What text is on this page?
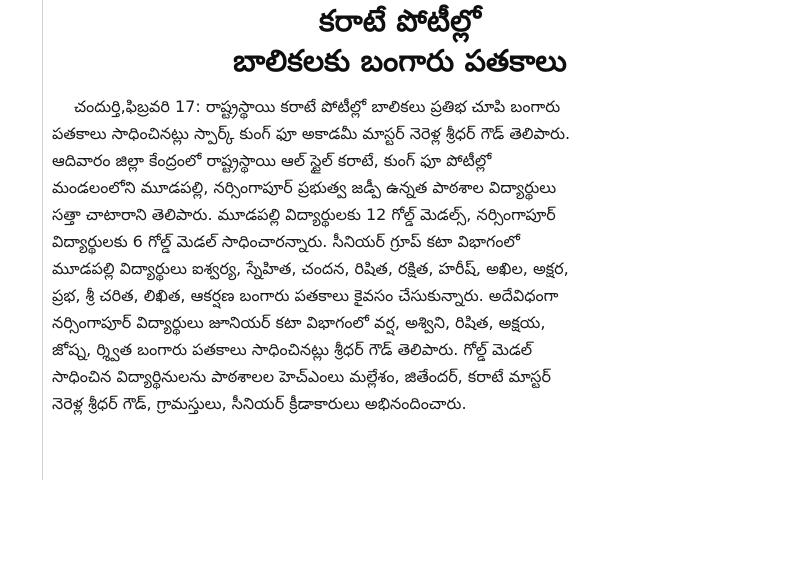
కరాటే పోటీల్లో
బాలికలకు బంగారు పతకాలు
చందుర్తి,ఫిబ్రవరి 17: రాష్ట్రస్థాయి కరాటే పోటీల్లో బాలికలు ప్రతిభ చూపి బంగారు
పతకాలు సాధించినట్లు స్పార్క్ కుంగ్ ఫూ అకాడమీ మాస్టర్ నెరెళ్ల శ్రీధర్ గౌడ్ తెలిపారు.
ఆదివారం జిల్లా కేంద్రంలో రాష్ట్రస్థాయి ఆల్ స్టైల్ కరాటే, కుంగ్ ఫూ పోటీల్లో
మండలంలోని మూడపల్లి, నర్సింగాపూర్ ప్రభుత్వ జడ్పీ ఉన్నత పాఠశాల విద్యార్థులు
సత్తా చాటారాని తెలిపారు. మూడపల్లి విద్యార్థులకు 12 గోల్డ్ మెడల్స్, నర్సింగాపూర్
విద్యార్థులకు 6 గోల్డ్ మెడల్ సాధించారన్నారు. సీనియర్ గ్రూప్ కటా విభాగంలో
మూడపల్లి విద్యార్థులు ఐశ్వర్య, స్నేహిత, చందన, రిషిత, రక్షిత, హరీష్, అఖిల, అక్షర,
ప్రభ, శ్రీ చరిత, లిఖిత, ఆకర్షణ బంగారు పతకాలు కైవసం చేసుకున్నారు. అదేవిధంగా
నర్సింగాపూర్ విద్యార్థులు జూనియర్ కటా విభాగంలో వర్ష, అశ్విని, రిషిత, అక్షయ,
జోష్న, ర్శ్విత బంగారు పతకాలు సాధించినట్లు శ్రీధర్ గౌడ్ తెలిపారు. గోల్డ్ మెడల్
సాధించిన విద్యార్థినులను పాఠశాలల హెచ్ఎంలు మల్లేశం, జితేందర్, కరాటే మాస్టర్
నెరెళ్ల శ్రీధర్ గౌడ్, గ్రామస్తులు, సీనియర్ క్రీడాకారులు అభినందించారు.
